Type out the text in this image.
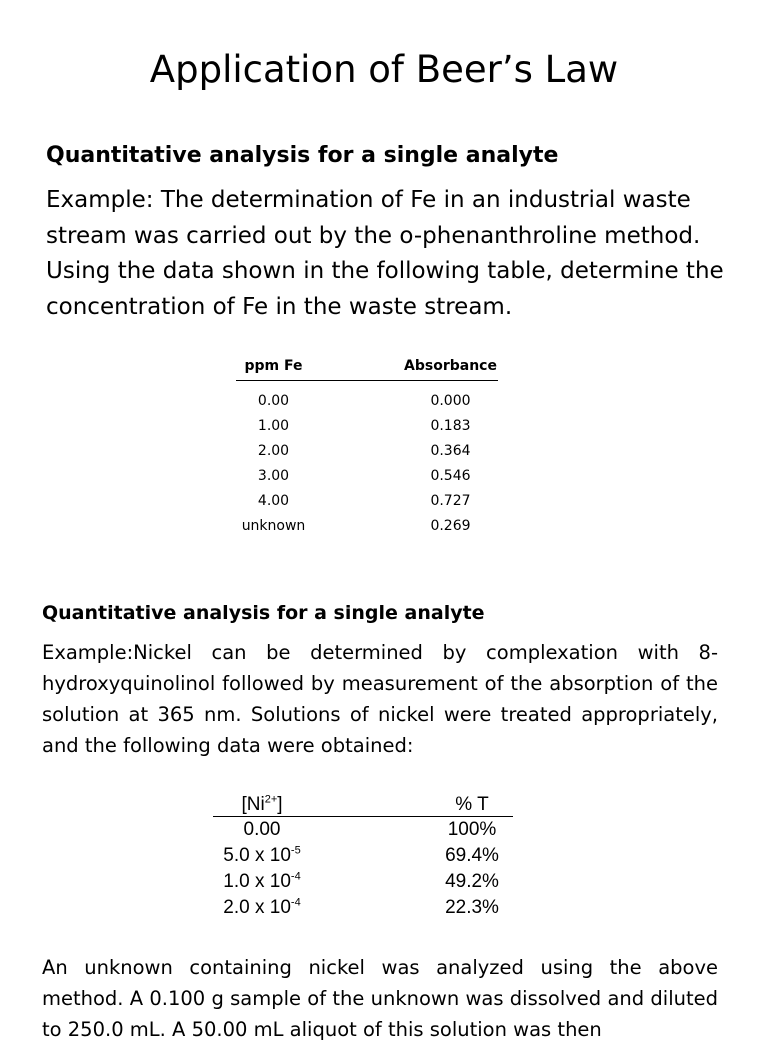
Application of Beer’s Law
Quantitative analysis for a single analyte

Example: The determination of Fe in an industrial waste stream was carried out by the o-phenanthroline method. Using the data shown in the following table, determine the concentration of Fe in the waste stream.

ppm Fe		Absorbance
0.00		0.000
1.00		0.183
2.00		0.364
3.00		0.546
4.00		0.727
unknown		0.269
Quantitative analysis for a single analyte

Example:Nickel can be determined by complexation with 8-hydroxyquinolinol followed by measurement of the absorption of the solution at 365 nm. Solutions of nickel were treated appropriately, and the following data were obtained:

$[Ni^{2+}]$		% T
0.00		100%
5.0 x $10^{-5}$		69.4%
1.0 x $10^{-4}$		49.2%
2.0 x $10^{-4}$		22.3%

An unknown containing nickel was analyzed using the above method. A 0.100 g sample of the unknown was dissolved and diluted to 250.0 mL. A 50.00 mL aliquot of this solution was then
